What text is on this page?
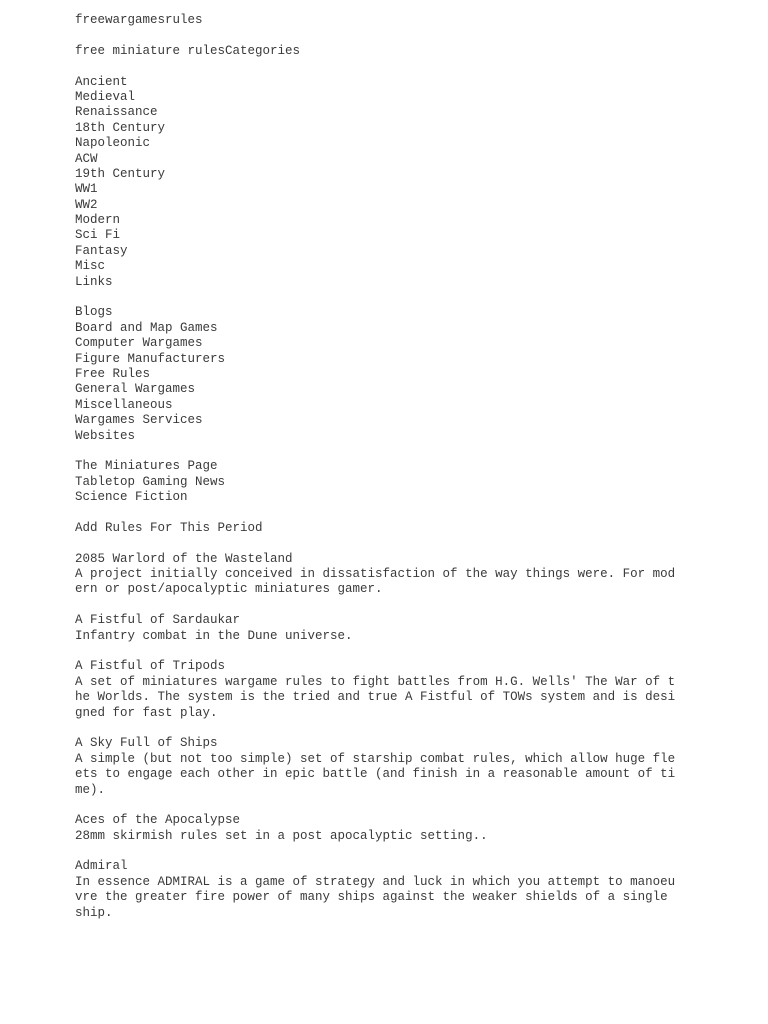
freewargamesrules
free miniature rulesCategories
Ancient
Medieval
Renaissance
18th Century
Napoleonic
ACW
19th Century
WW1
WW2
Modern
Sci Fi
Fantasy
Misc
Links
Blogs
Board and Map Games
Computer Wargames
Figure Manufacturers
Free Rules
General Wargames
Miscellaneous
Wargames Services
Websites
The Miniatures Page
Tabletop Gaming News
Science Fiction
Add Rules For This Period
2085 Warlord of the Wasteland
A project initially conceived in dissatisfaction of the way things were. For mod
ern or post/apocalyptic miniatures gamer.
A Fistful of Sardaukar
Infantry combat in the Dune universe.
A Fistful of Tripods
A set of miniatures wargame rules to fight battles from H.G. Wells' The War of t
he Worlds. The system is the tried and true A Fistful of TOWs system and is desi
gned for fast play.
A Sky Full of Ships
A simple (but not too simple) set of starship combat rules, which allow huge fle
ets to engage each other in epic battle (and finish in a reasonable amount of ti
me).
Aces of the Apocalypse
28mm skirmish rules set in a post apocalyptic setting..
Admiral
In essence ADMIRAL is a game of strategy and luck in which you attempt to manoeu
vre the greater fire power of many ships against the weaker shields of a single
ship.
